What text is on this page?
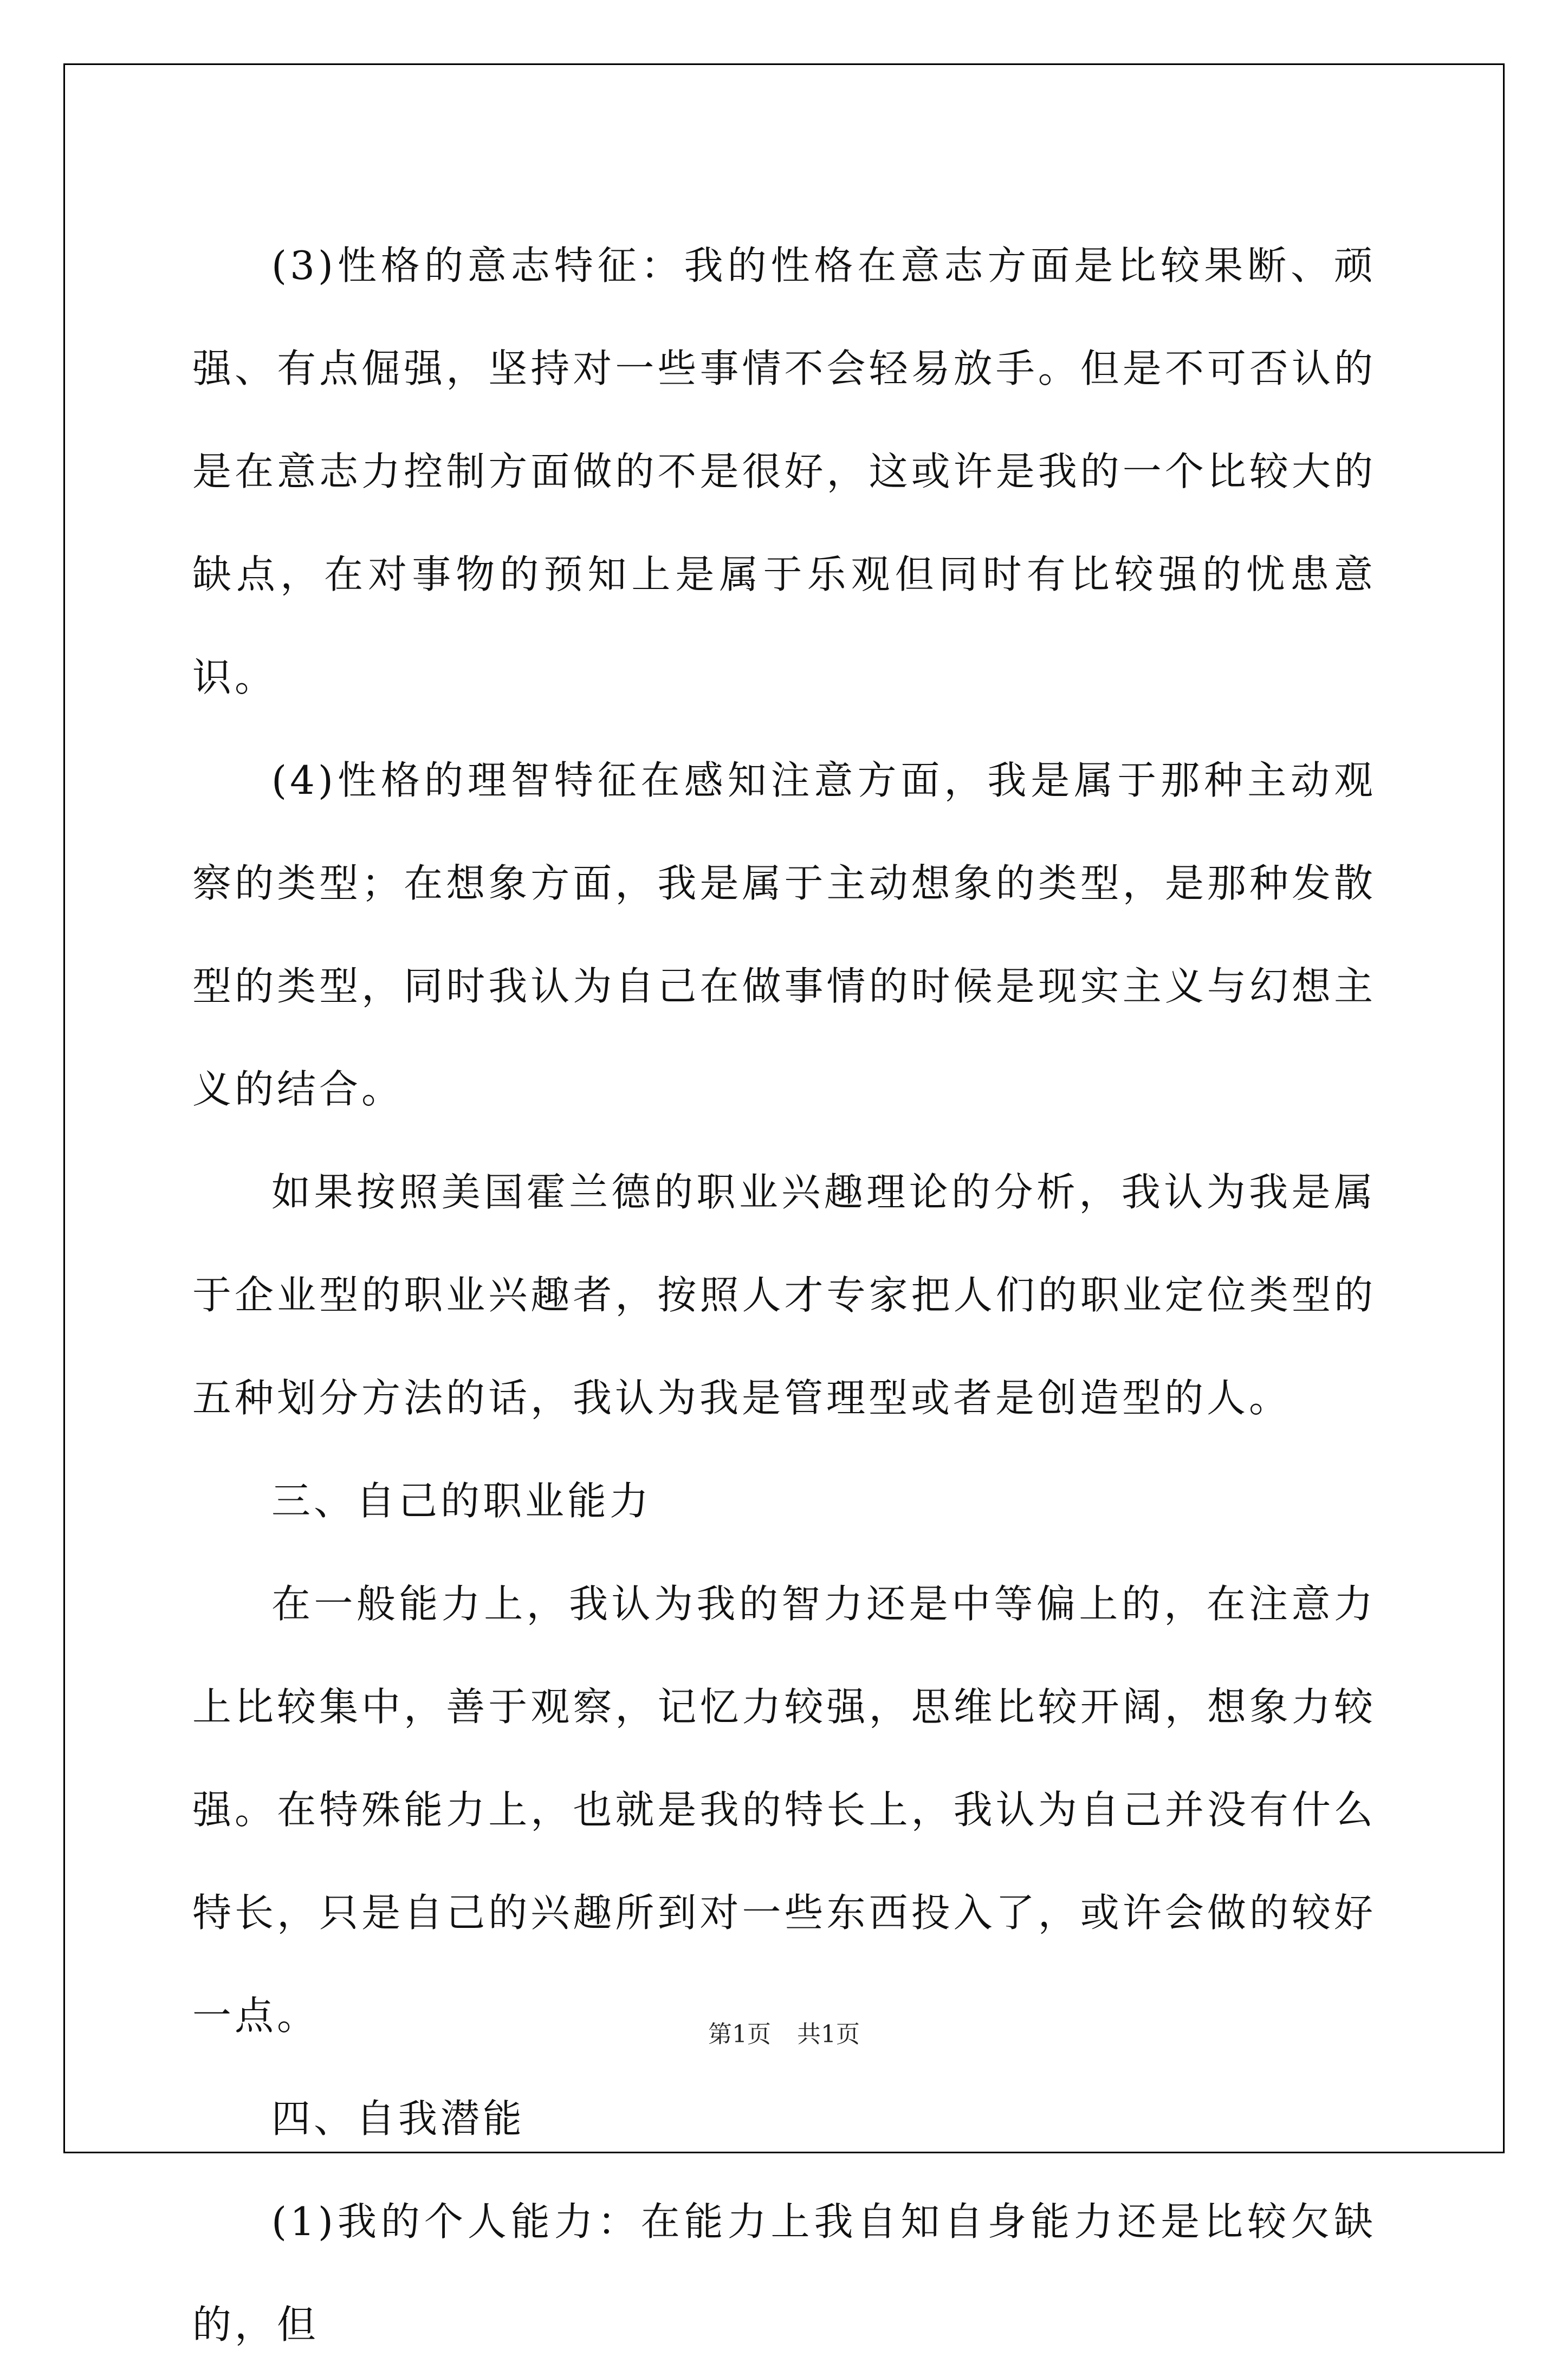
(3)性格的意志特征：我的性格在意志方面是比较果断、顽强、有点倔强，坚持对一些事情不会轻易放手。但是不可否认的是在意志力控制方面做的不是很好，这或许是我的一个比较大的缺点，在对事物的预知上是属于乐观但同时有比较强的忧患意识。

(4)性格的理智特征在感知注意方面，我是属于那种主动观察的类型；在想象方面，我是属于主动想象的类型，是那种发散型的类型，同时我认为自己在做事情的时候是现实主义与幻想主义的结合。

如果按照美国霍兰德的职业兴趣理论的分析，我认为我是属于企业型的职业兴趣者，按照人才专家把人们的职业定位类型的五种划分方法的话，我认为我是管理型或者是创造型的人。

三、自己的职业能力

在一般能力上，我认为我的智力还是中等偏上的，在注意力上比较集中，善于观察，记忆力较强，思维比较开阔，想象力较强。在特殊能力上，也就是我的特长上，我认为自己并没有什么特长，只是自己的兴趣所到对一些东西投入了，或许会做的较好一点。

四、自我潜能

(1)我的个人能力：在能力上我自知自身能力还是比较欠缺的，但

第1页 共1页
